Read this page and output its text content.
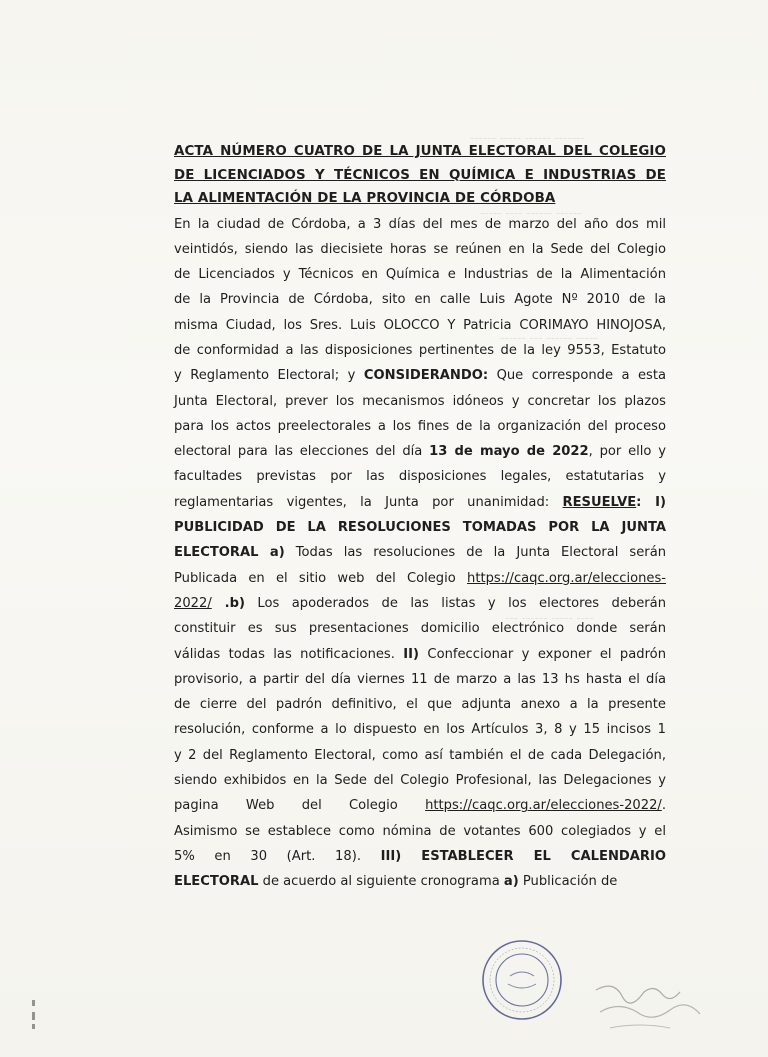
------- ------ ----- ------
------ ------ ---- -----
----- ------ --- ------
---- ----- ------ ---
ACTA NÚMERO CUATRO DE LA JUNTA ELECTORAL DEL COLEGIO
DE LICENCIADOS Y TÉCNICOS EN QUÍMICA E INDUSTRIAS DE
LA ALIMENTACIÓN DE LA PROVINCIA DE CÓRDOBA
En la ciudad de Córdoba, a 3 días del mes de marzo del año dos mil
veintidós, siendo las diecisiete horas se reúnen en la Sede del Colegio
de Licenciados y Técnicos en Química e Industrias de la Alimentación
de la Provincia de Córdoba, sito en calle Luis Agote Nº 2010 de la
misma Ciudad, los Sres. Luis OLOCCO Y Patricia CORIMAYO HINOJOSA,
de conformidad a las disposiciones pertinentes de la ley 9553, Estatuto
y Reglamento Electoral; y CONSIDERANDO: Que corresponde a esta
Junta Electoral, prever los mecanismos idóneos y concretar los plazos
para los actos preelectorales a los fines de la organización del proceso
electoral para las elecciones del día 13 de mayo de 2022, por ello y
facultades previstas por las disposiciones legales, estatutarias y
reglamentarias vigentes, la Junta por unanimidad: RESUELVE: I)
PUBLICIDAD DE LA RESOLUCIONES TOMADAS POR LA JUNTA
ELECTORAL a) Todas las resoluciones de la Junta Electoral serán
Publicada en el sitio web del Colegio https://caqc.org.ar/elecciones-
2022/ .b) Los apoderados de las listas y los electores deberán
constituir es sus presentaciones domicilio electrónico donde serán
válidas todas las notificaciones. II) Confeccionar y exponer el padrón
provisorio, a partir del día viernes 11 de marzo a las 13 hs hasta el día
de cierre del padrón definitivo, el que adjunta anexo a la presente
resolución, conforme a lo dispuesto en los Artículos 3, 8 y 15 incisos 1
y 2 del Reglamento Electoral, como así también el de cada Delegación,
siendo exhibidos en la Sede del Colegio Profesional, las Delegaciones y
pagina Web del Colegio https://caqc.org.ar/elecciones-2022/.
Asimismo se establece como nómina de votantes 600 colegiados y el
5% en 30 (Art. 18). III) ESTABLECER EL CALENDARIO
ELECTORAL de acuerdo al siguiente cronograma a) Publicación de
